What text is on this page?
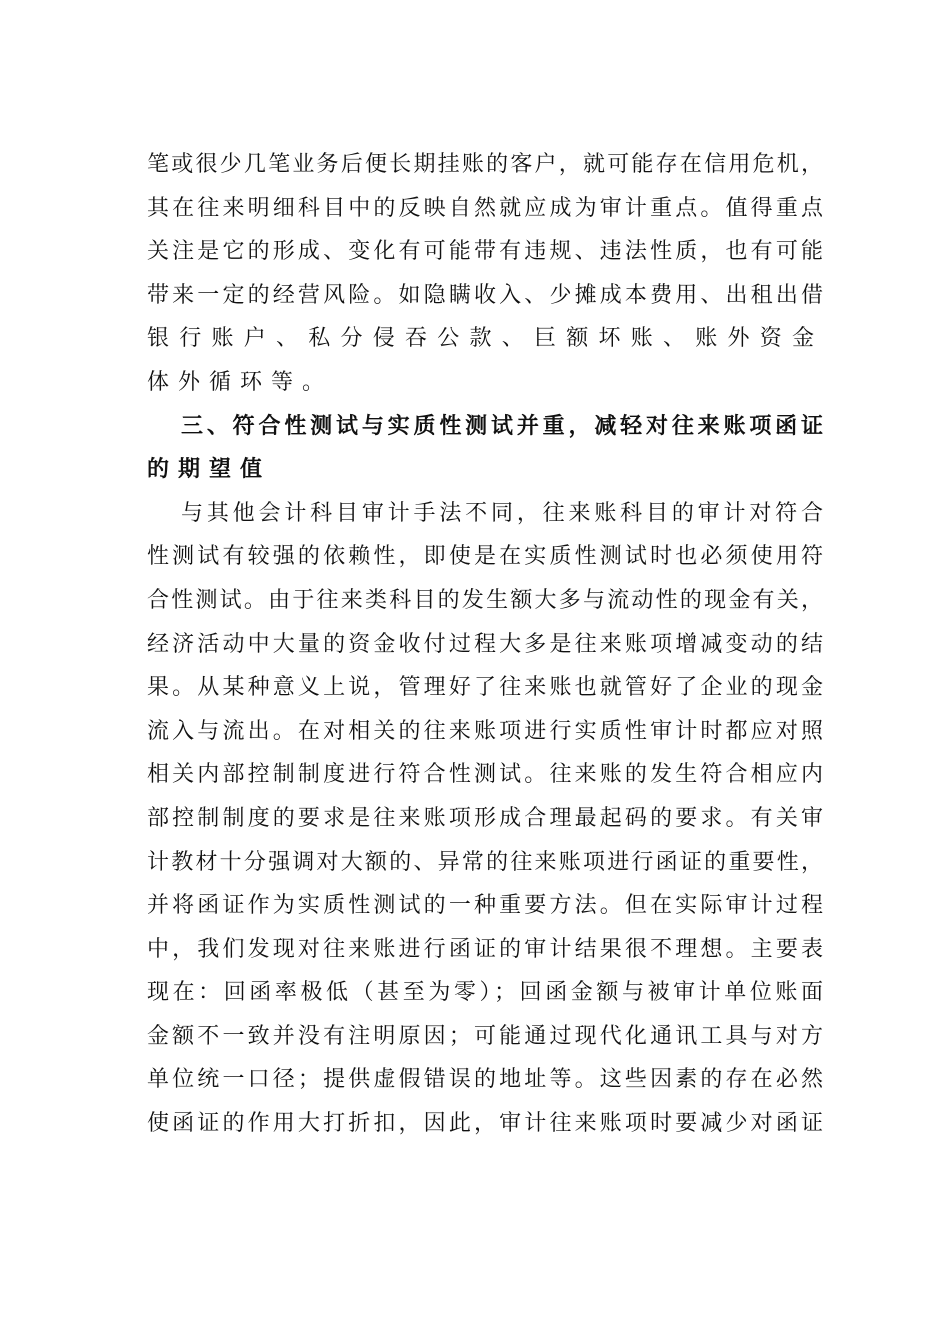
笔或很少几笔业务后便长期挂账的客户，就可能存在信用危机，
其在往来明细科目中的反映自然就应成为审计重点。值得重点
关注是它的形成、变化有可能带有违规、违法性质，也有可能
带来一定的经营风险。如隐瞒收入、少摊成本费用、出租出借
银行账户、私分侵吞公款、巨额坏账、账外资金体外循环等。
三、符合性测试与实质性测试并重，减轻对往来账项函证
的期望值
与其他会计科目审计手法不同，往来账科目的审计对符合
性测试有较强的依赖性，即使是在实质性测试时也必须使用符
合性测试。由于往来类科目的发生额大多与流动性的现金有关，
经济活动中大量的资金收付过程大多是往来账项增减变动的结
果。从某种意义上说，管理好了往来账也就管好了企业的现金
流入与流出。在对相关的往来账项进行实质性审计时都应对照
相关内部控制制度进行符合性测试。往来账的发生符合相应内
部控制制度的要求是往来账项形成合理最起码的要求。有关审
计教材十分强调对大额的、异常的往来账项进行函证的重要性，
并将函证作为实质性测试的一种重要方法。但在实际审计过程
中，我们发现对往来账进行函证的审计结果很不理想。主要表
现在：回函率极低（甚至为零）；回函金额与被审计单位账面
金额不一致并没有注明原因；可能通过现代化通讯工具与对方
单位统一口径；提供虚假错误的地址等。这些因素的存在必然
使函证的作用大打折扣，因此，审计往来账项时要减少对函证
